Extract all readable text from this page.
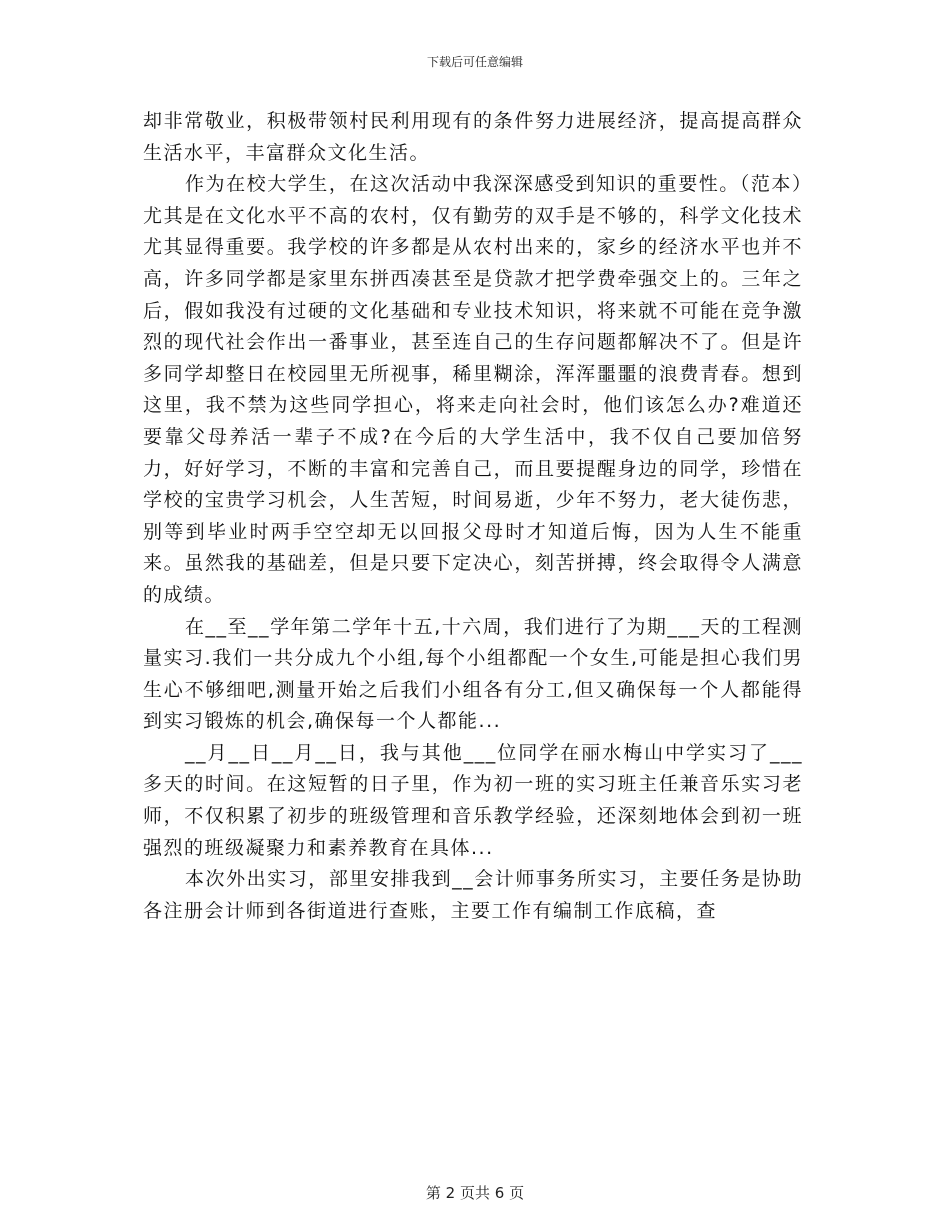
下载后可任意编辑

却非常敬业，积极带领村民利用现有的条件努力进展经济，提高提高群众生活水平，丰富群众文化生活。

作为在校大学生，在这次活动中我深深感受到知识的重要性。（范本）尤其是在文化水平不高的农村，仅有勤劳的双手是不够的，科学文化技术尤其显得重要。我学校的许多都是从农村出来的，家乡的经济水平也并不高，许多同学都是家里东拼西凑甚至是贷款才把学费牵强交上的。三年之后，假如我没有过硬的文化基础和专业技术知识，将来就不可能在竞争激烈的现代社会作出一番事业，甚至连自己的生存问题都解决不了。但是许多同学却整日在校园里无所视事，稀里糊涂，浑浑噩噩的浪费青春。想到这里，我不禁为这些同学担心，将来走向社会时，他们该怎么办?难道还要靠父母养活一辈子不成?在今后的大学生活中，我不仅自己要加倍努力，好好学习，不断的丰富和完善自己，而且要提醒身边的同学，珍惜在学校的宝贵学习机会，人生苦短，时间易逝，少年不努力，老大徒伤悲，别等到毕业时两手空空却无以回报父母时才知道后悔，因为人生不能重来。虽然我的基础差，但是只要下定决心，刻苦拼搏，终会取得令人满意的成绩。

在__至__学年第二学年十五,十六周，我们进行了为期___天的工程测量实习.我们一共分成九个小组,每个小组都配一个女生,可能是担心我们男生心不够细吧,测量开始之后我们小组各有分工,但又确保每一个人都能得到实习锻炼的机会,确保每一个人都能...

__月__日__月__日，我与其他___位同学在丽水梅山中学实习了___多天的时间。在这短暂的日子里，作为初一班的实习班主任兼音乐实习老师，不仅积累了初步的班级管理和音乐教学经验，还深刻地体会到初一班强烈的班级凝聚力和素养教育在具体...

本次外出实习，部里安排我到__会计师事务所实习，主要任务是协助各注册会计师到各街道进行查账，主要工作有编制工作底稿，查

第 2 页共 6 页
